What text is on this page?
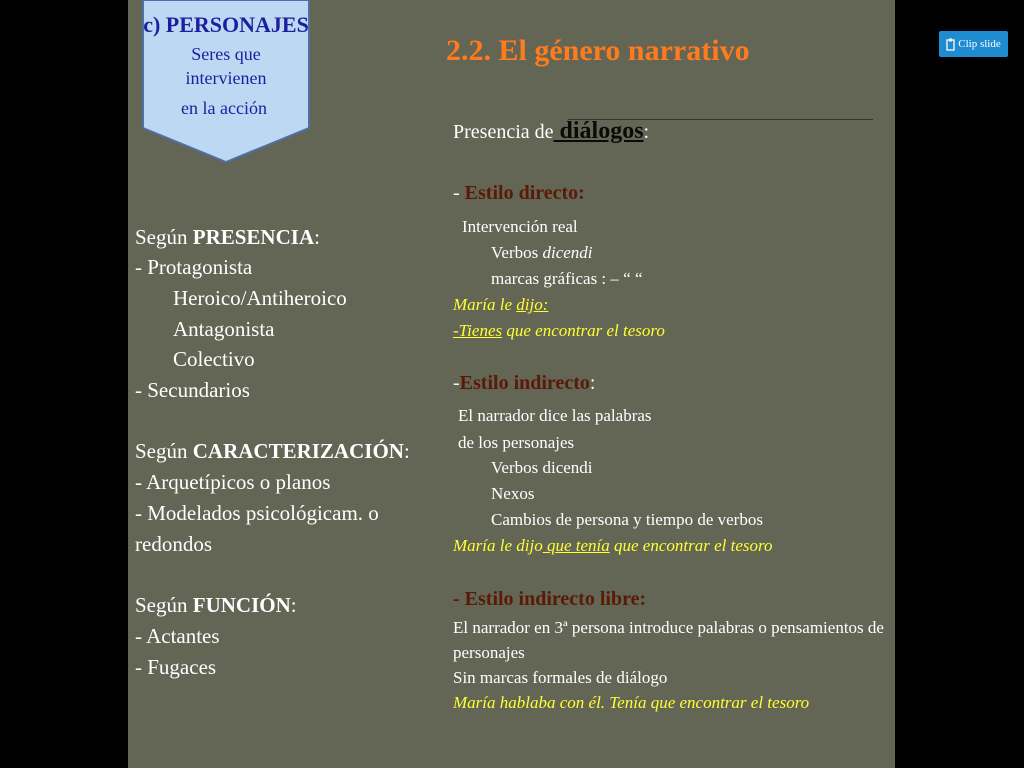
c) PERSONAJES
Seres que
intervienen
en la acción
2.2. El género narrativo
Según PRESENCIA:
- Protagonista
Heroico/Antiheroico
Antagonista
Colectivo
- Secundarios
Según CARACTERIZACIÓN:
- Arquetípicos o planos
- Modelados psicológicam. o
redondos
Según FUNCIÓN:
- Actantes
- Fugaces
Presencia de diálogos:
- Estilo directo:
Intervención real
Verbos dicendi
marcas gráficas : – “ “
María le dijo:
-Tienes que encontrar el tesoro
-Estilo indirecto:
El narrador dice las palabras
de los personajes
Verbos dicendi
Nexos
Cambios de persona y tiempo de verbos
María le dijo que tenía que encontrar el tesoro
- Estilo indirecto libre:
El narrador en 3ª persona introduce palabras o pensamientos de
personajes
Sin marcas formales de diálogo
María hablaba con él. Tenía que encontrar el tesoro
Clip slide
